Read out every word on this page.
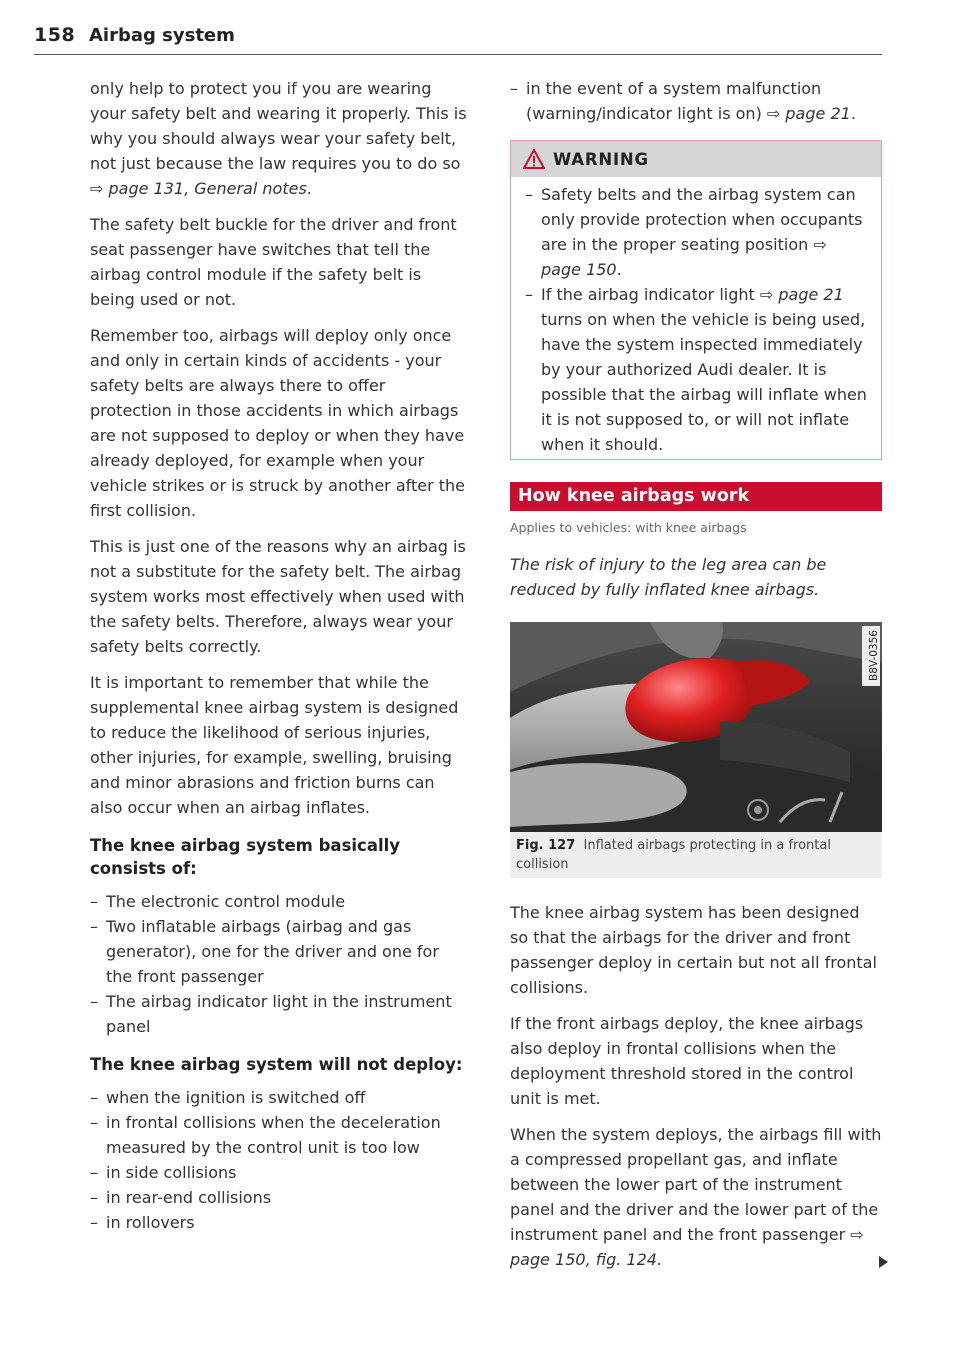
158 Airbag system

only help to protect you if you are wearing your safety belt and wearing it properly. This is why you should always wear your safety belt, not just because the law requires you to do so ⇨ page 131, General notes.

The safety belt buckle for the driver and front seat passenger have switches that tell the airbag control module if the safety belt is being used or not.

Remember too, airbags will deploy only once and only in certain kinds of accidents - your safety belts are always there to offer protection in those accidents in which airbags are not supposed to deploy or when they have already deployed, for example when your vehicle strikes or is struck by another after the first collision.

This is just one of the reasons why an airbag is not a substitute for the safety belt. The airbag system works most effectively when used with the safety belts. Therefore, always wear your safety belts correctly.

It is important to remember that while the supplemental knee airbag system is designed to reduce the likelihood of serious injuries, other injuries, for example, swelling, bruising and minor abrasions and friction burns can also occur when an airbag inflates.

The knee airbag system basically consists of:
– The electronic control module
– Two inflatable airbags (airbag and gas generator), one for the driver and one for the front passenger
– The airbag indicator light in the instrument panel
The knee airbag system will not deploy:
– when the ignition is switched off
– in frontal collisions when the deceleration measured by the control unit is too low
– in side collisions
– in rear-end collisions
– in rollovers
– in the event of a system malfunction (warning/indicator light is on) ⇨ page 21.
WARNING
– Safety belts and the airbag system can only provide protection when occupants are in the proper seating position ⇨ page 150.
– If the airbag indicator light ⇨ page 21 turns on when the vehicle is being used, have the system inspected immediately by your authorized Audi dealer. It is possible that the airbag will inflate when it is not supposed to, or will not inflate when it should.
How knee airbags work
Applies to vehicles: with knee airbags

The risk of injury to the leg area can be reduced by fully inflated knee airbags.

B8V-0356
Fig. 127 Inflated airbags protecting in a frontal collision

The knee airbag system has been designed so that the airbags for the driver and front passenger deploy in certain but not all frontal collisions.

If the front airbags deploy, the knee airbags also deploy in frontal collisions when the deployment threshold stored in the control unit is met.

When the system deploys, the airbags fill with a compressed propellant gas, and inflate between the lower part of the instrument panel and the driver and the lower part of the instrument panel and the front passenger ⇨ page 150, fig. 124.
